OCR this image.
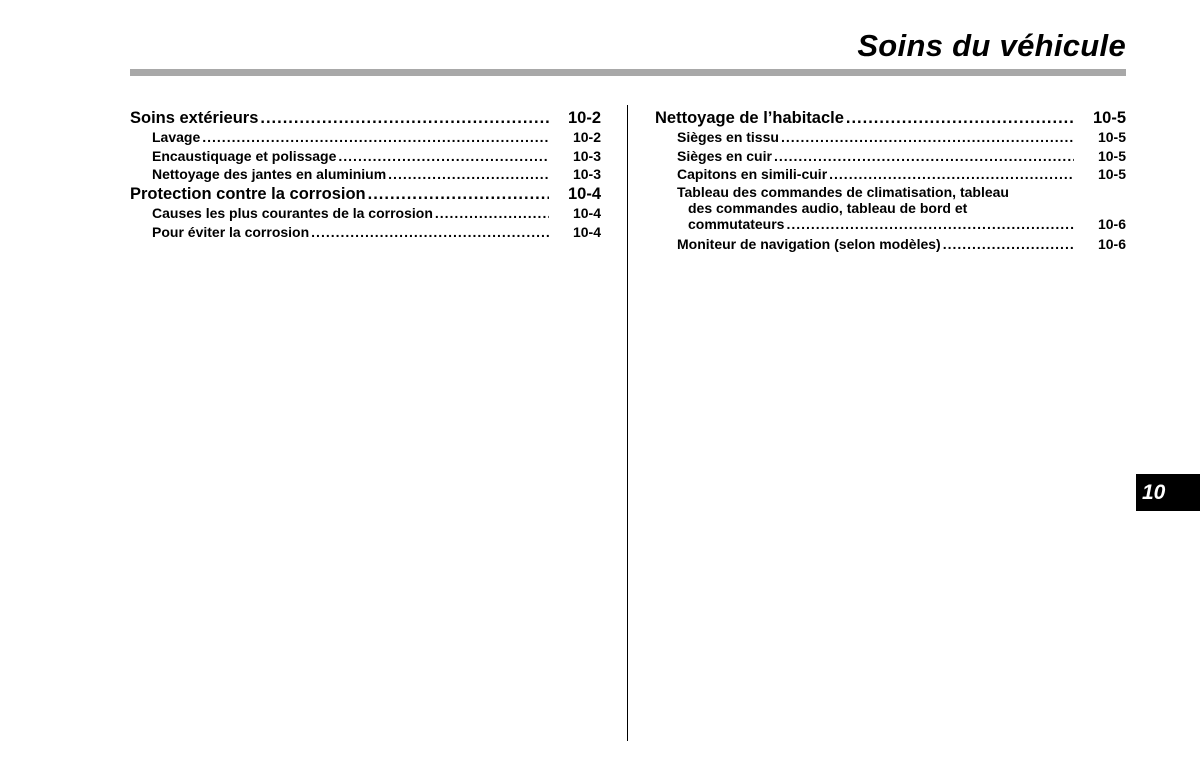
Soins du véhicule
Soins extérieurs .....	10-2
Lavage .....	10-2
Encaustiquage et polissage .....	10-3
Nettoyage des jantes en aluminium .....	10-3
Protection contre la corrosion .....	10-4
Causes les plus courantes de la corrosion .....	10-4
Pour éviter la corrosion .....	10-4
Nettoyage de l’habitacle .....	10-5
Sièges en tissu .....	10-5
Sièges en cuir .....	10-5
Capitons en simili-cuir .....	10-5
Tableau des commandes de climatisation, tableau
des commandes audio, tableau de bord et
commutateurs .....	10-6
Moniteur de navigation (selon modèles) .....	10-6
10
